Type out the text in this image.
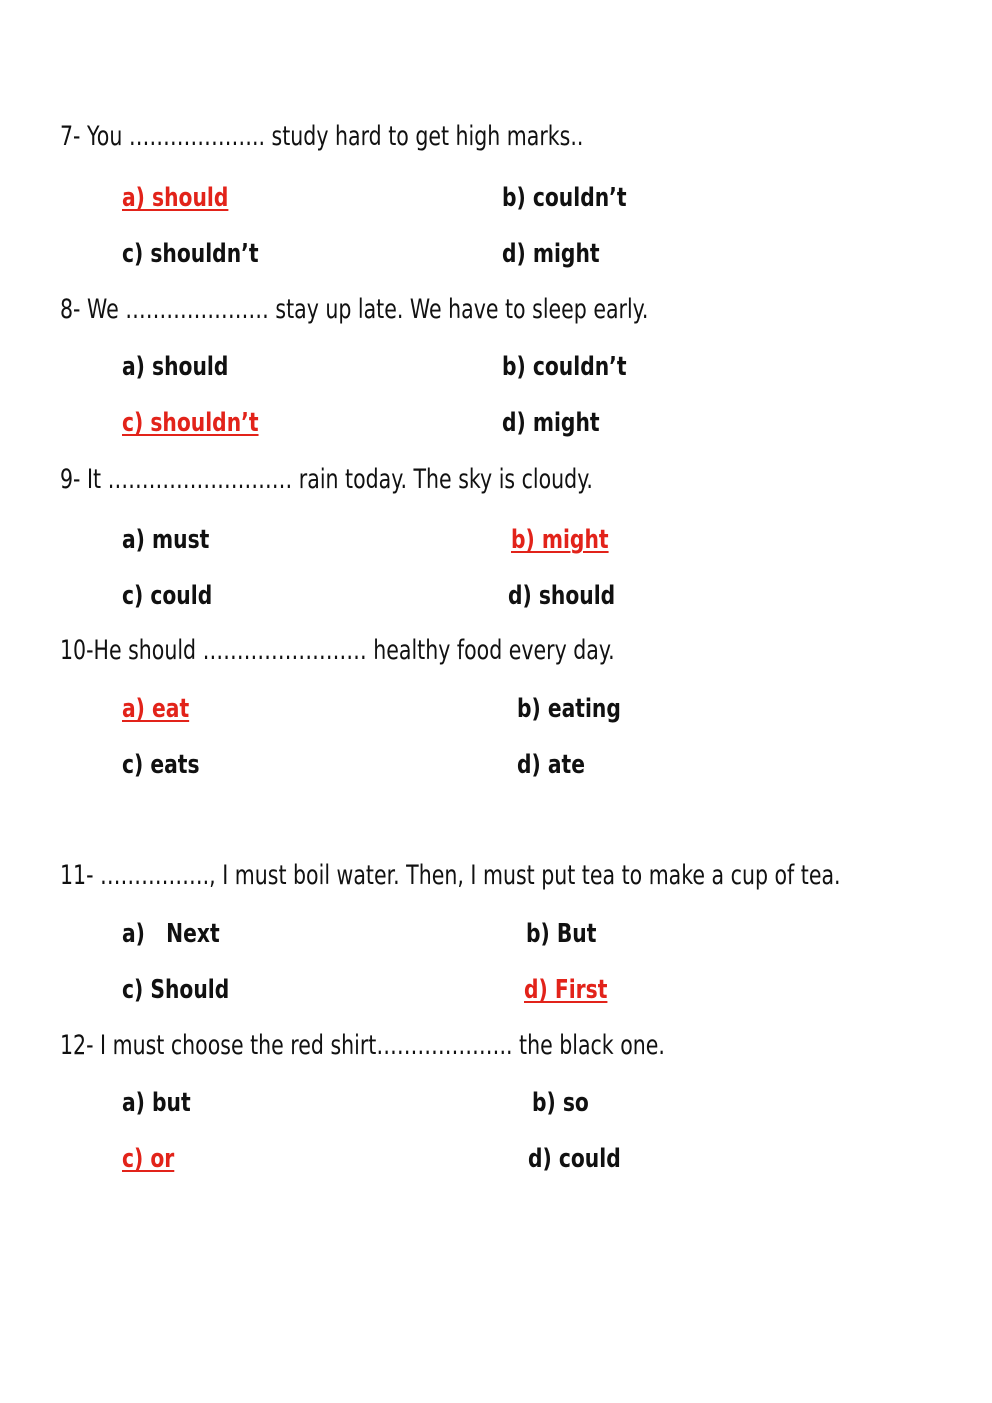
7- You ……………….. study hard to get high marks..
a) should	b) couldn’t
c) shouldn’t	d) might
8- We ………………… stay up late. We have to sleep early.
a) should	b) couldn’t
c) shouldn’t	d) might
9- It ……………………… rain today. The sky is cloudy.
a) must	b) might
c) could	d) should
10-He should …………………… healthy food every day.
a) eat	b) eating
c) eats	d) ate
11- ……………., I must boil water. Then, I must put tea to make a cup of tea.
a)   Next	b) But
c) Should	d) First
12- I must choose the red shirt……………….. the black one.
a) but	b) so
c) or	d) could
